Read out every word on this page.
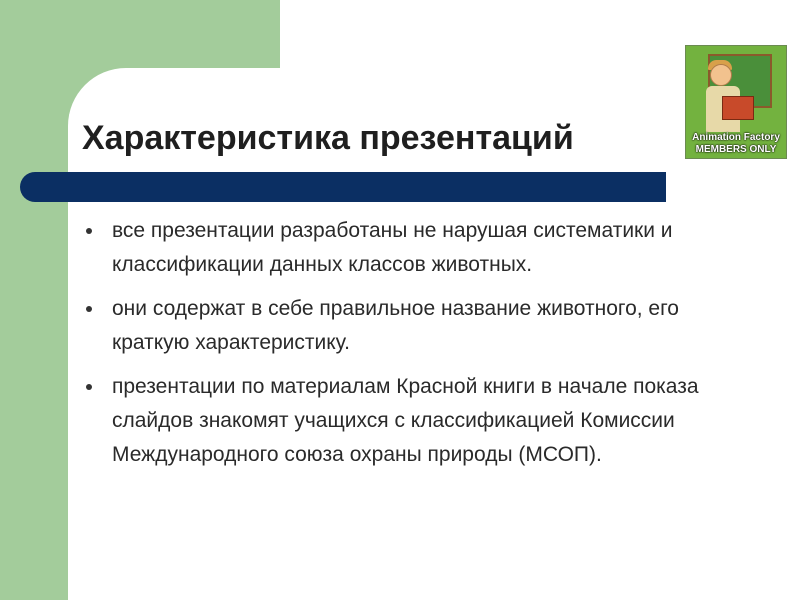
Характеристика презентаций
все презентации разработаны не нарушая систематики и классификации данных классов животных.
они содержат в себе правильное название животного, его краткую характеристику.
презентации по материалам Красной книги в начале показа слайдов знакомят учащихся с классификацией Комиссии Международного союза охраны природы (МСОП).
Animation Factory
MEMBERS ONLY
